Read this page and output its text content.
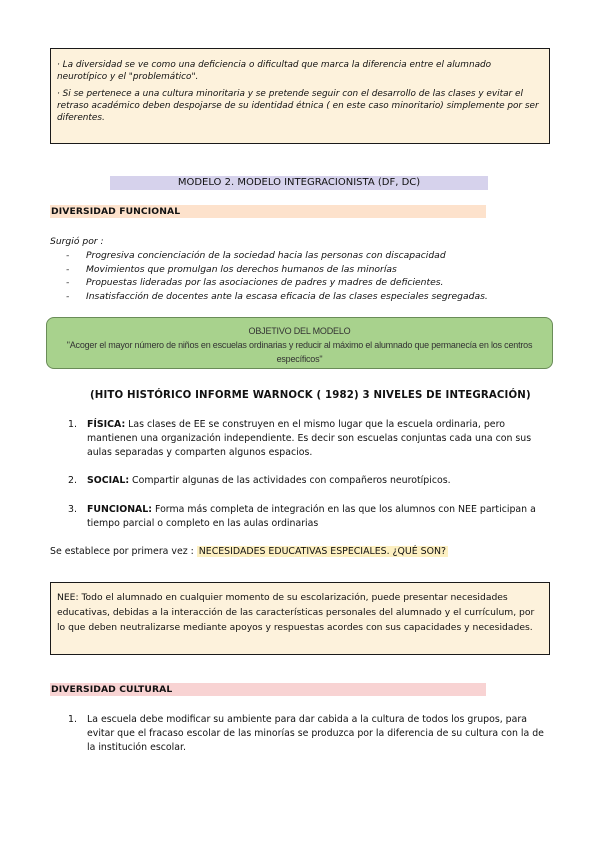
· La diversidad se ve como una deficiencia o dificultad que marca la diferencia entre el alumnado neurotípico y el "problemático".

· Si se pertenece a una cultura minoritaria y se pretende seguir con el desarrollo de las clases y evitar el retraso académico deben despojarse de su identidad étnica ( en este caso minoritario) simplemente por ser diferentes.

MODELO 2. MODELO INTEGRACIONISTA (DF, DC)
DIVERSIDAD FUNCIONAL
Surgió por :
-	Progresiva concienciación de la sociedad hacia las personas con discapacidad
-	Movimientos que promulgan los derechos humanos de las minorías
-	Propuestas lideradas por las asociaciones de padres y madres de deficientes.
-	Insatisfacción de docentes ante la escasa eficacia de las clases especiales segregadas.
OBJETIVO DEL MODELO
"Acoger el mayor número de niños en escuelas ordinarias y reducir al máximo el alumnado que permanecía en los centros específicos"
(HITO HISTÓRICO INFORME WARNOCK ( 1982) 3 NIVELES DE INTEGRACIÓN)
1.	FÍSICA: Las clases de EE se construyen en el mismo lugar que la escuela ordinaria, pero mantienen una organización independiente. Es decir son escuelas conjuntas cada una con sus aulas separadas y comparten algunos espacios.
2.	SOCIAL: Compartir algunas de las actividades con compañeros neurotípicos.
3.	FUNCIONAL: Forma más completa de integración en las que los alumnos con NEE participan a tiempo parcial o completo en las aulas ordinarias
Se establece por primera vez : NECESIDADES EDUCATIVAS ESPECIALES. ¿QUÉ SON?
NEE: Todo el alumnado en cualquier momento de su escolarización, puede presentar necesidades educativas, debidas a la interacción de las características personales del alumnado y el currículum, por lo que deben neutralizarse mediante apoyos y respuestas acordes con sus capacidades y necesidades.
DIVERSIDAD CULTURAL
1.	La escuela debe modificar su ambiente para dar cabida a la cultura de todos los grupos, para evitar que el fracaso escolar de las minorías se produzca por la diferencia de su cultura con la de la institución escolar.
